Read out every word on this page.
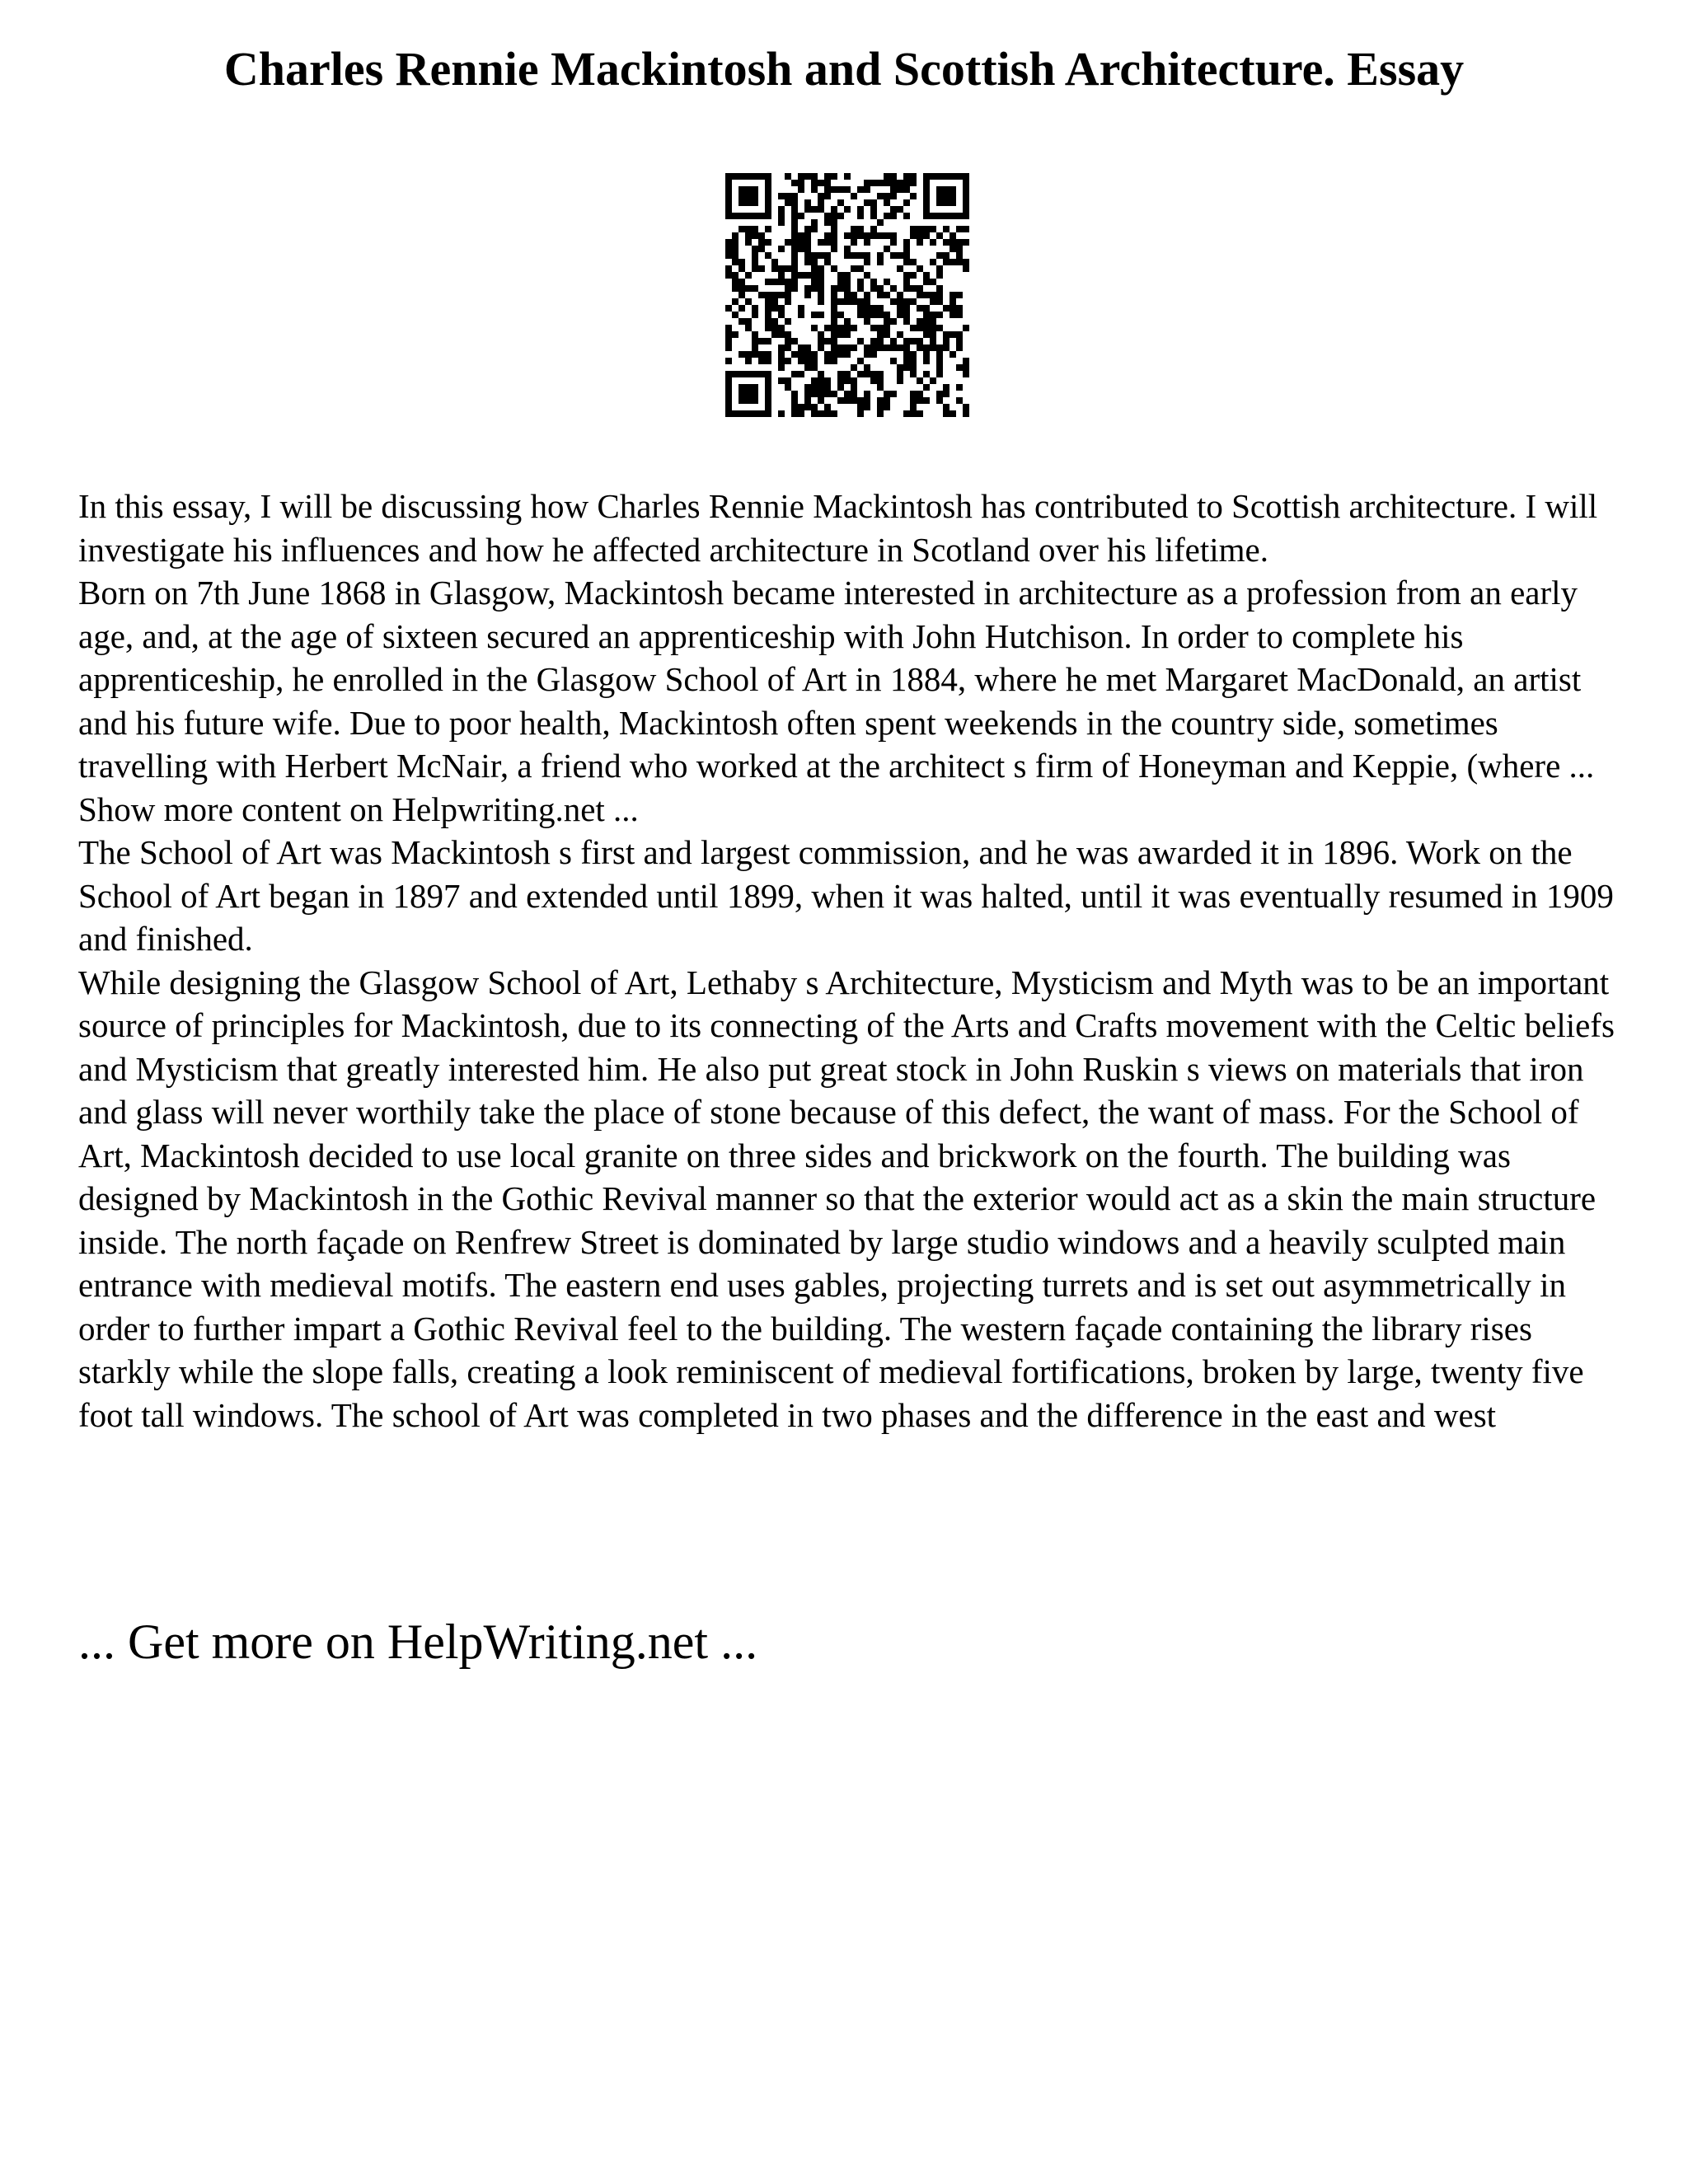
Charles Rennie Mackintosh and Scottish Architecture. Essay

In this essay, I will be discussing how Charles Rennie Mackintosh has contributed to Scottish architecture. I will investigate his influences and how he affected architecture in Scotland over his lifetime.

Born on 7th June 1868 in Glasgow, Mackintosh became interested in architecture as a profession from an early age, and, at the age of sixteen secured an apprenticeship with John Hutchison. In order to complete his apprenticeship, he enrolled in the Glasgow School of Art in 1884, where he met Margaret MacDonald, an artist and his future wife. Due to poor health, Mackintosh often spent weekends in the country side, sometimes travelling with Herbert McNair, a friend who worked at the architect s firm of Honeyman and Keppie, (where ... Show more content on Helpwriting.net ...

The School of Art was Mackintosh s first and largest commission, and he was awarded it in 1896. Work on the School of Art began in 1897 and extended until 1899, when it was halted, until it was eventually resumed in 1909 and finished.

While designing the Glasgow School of Art, Lethaby s Architecture, Mysticism and Myth was to be an important source of principles for Mackintosh, due to its connecting of the Arts and Crafts movement with the Celtic beliefs and Mysticism that greatly interested him. He also put great stock in John Ruskin s views on materials that iron and glass will never worthily take the place of stone because of this defect, the want of mass. For the School of Art, Mackintosh decided to use local granite on three sides and brickwork on the fourth. The building was designed by Mackintosh in the Gothic Revival manner so that the exterior would act as a skin the main structure inside. The north façade on Renfrew Street is dominated by large studio windows and a heavily sculpted main entrance with medieval motifs. The eastern end uses gables, projecting turrets and is set out asymmetrically in order to further impart a Gothic Revival feel to the building. The western façade containing the library rises starkly while the slope falls, creating a look reminiscent of medieval fortifications, broken by large, twenty five foot tall windows. The school of Art was completed in two phases and the difference in the east and west

... Get more on HelpWriting.net ...
